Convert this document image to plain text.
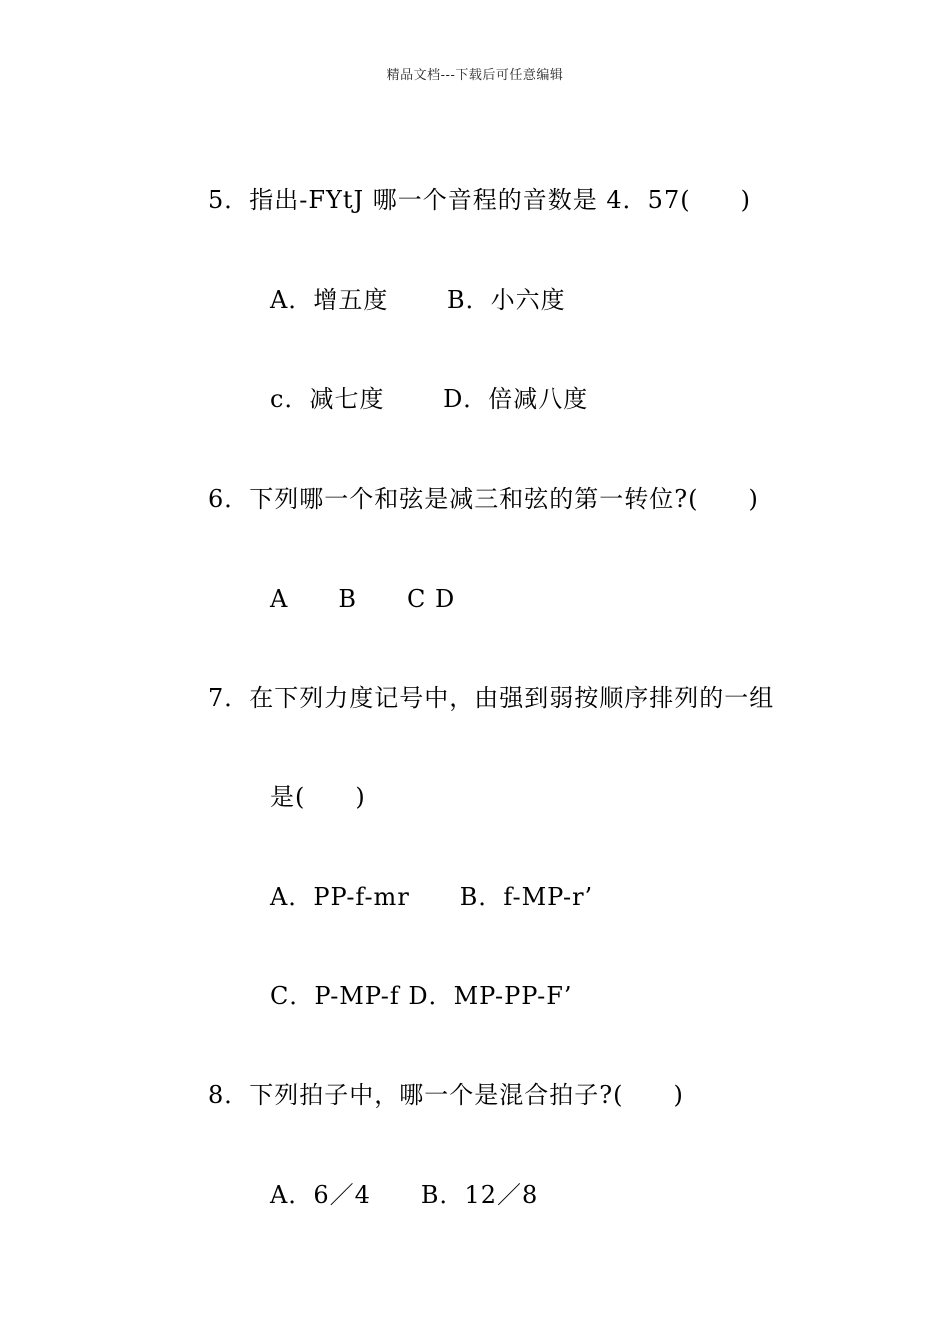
精品文档---下载后可任意编辑
5．指出-FYtJ 哪一个音程的音数是 4．57(　　)
A．增五度　　 B．小六度
c．减七度　　 D．倍减八度
6．下列哪一个和弦是减三和弦的第一转位?(　　)
A　　B　　C D
7．在下列力度记号中，由强到弱按顺序排列的一组
是(　　)
A．PP-f-mr　　B．f-MP-r’
C．P-MP-f D．MP-PP-F’
8．下列拍子中，哪一个是混合拍子?(　　)
A．6／4　　B．12／8
